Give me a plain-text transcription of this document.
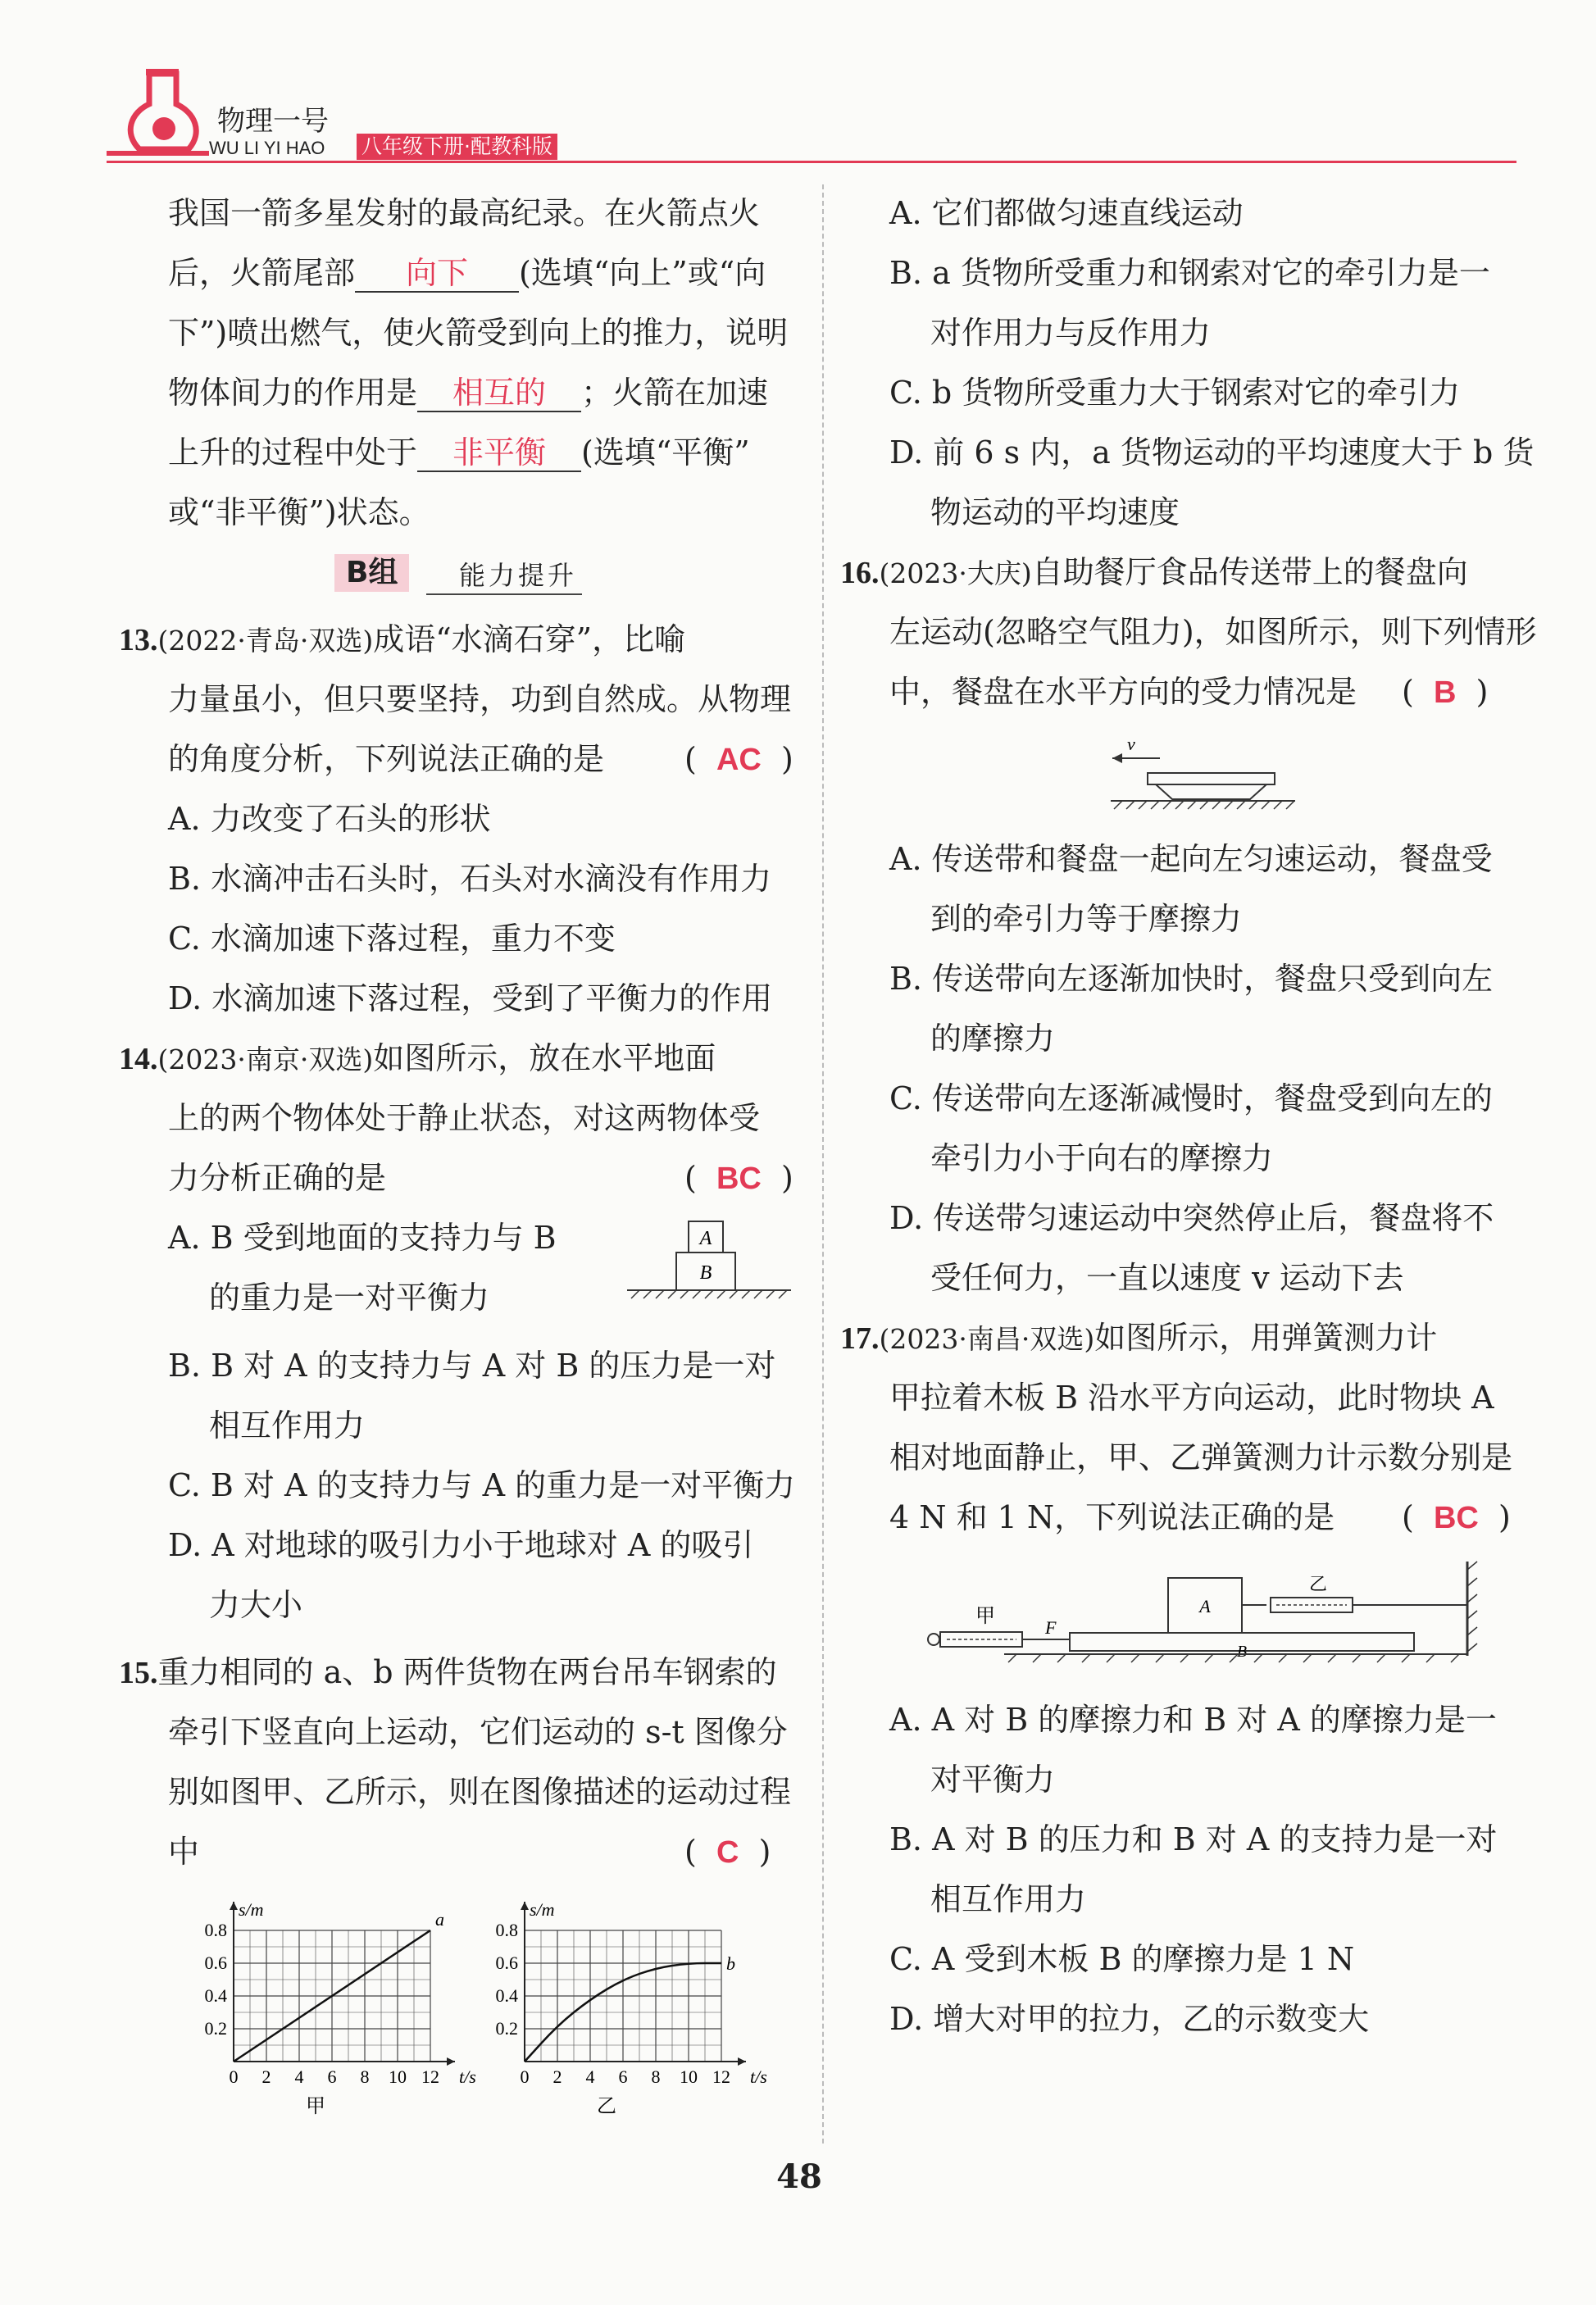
物理一号
WU LI YI HAO 八年级下册·配教科版
我国一箭多星发射的最高纪录。在火箭点火
后，火箭尾部 向下 (选填“向上”或“向
下”)喷出燃气，使火箭受到向上的推力，说明
物体间力的作用是 相互的 ；火箭在加速
上升的过程中处于 非平衡 (选填“平衡”
或“非平衡”)状态。
B组	能力提升
13.(2022·青岛·双选)成语“水滴石穿”，比喻
力量虽小，但只要坚持，功到自然成。从物理
的角度分析，下列说法正确的是	(  AC  )
A. 力改变了石头的形状
B. 水滴冲击石头时，石头对水滴没有作用力
C. 水滴加速下落过程，重力不变
D. 水滴加速下落过程，受到了平衡力的作用
14.(2023·南京·双选)如图所示，放在水平地面
上的两个物体处于静止状态，对这两物体受
力分析正确的是	(  BC  )
A. B 受到地面的支持力与 B
的重力是一对平衡力
A
B
B. B 对 A 的支持力与 A 对 B 的压力是一对
相互作用力
C. B 对 A 的支持力与 A 的重力是一对平衡力
D. A 对地球的吸引力小于地球对 A 的吸引
力大小
15.重力相同的 a、b 两件货物在两台吊车钢索的
牵引下竖直向上运动，它们运动的 s-t 图像分
别如图甲、乙所示，则在图像描述的运动过程
中	(  C  )
0 2 4 6 8 10 12
0.2
0.4
0.6
0.8
t/s
s/m
甲
a
0 2 4 6 8 10 12
0.2
0.4
0.6
0.8
t/s
s/m
乙
b
A. 它们都做匀速直线运动
B. a 货物所受重力和钢索对它的牵引力是一
对作用力与反作用力
C. b 货物所受重力大于钢索对它的牵引力
D. 前 6 s 内，a 货物运动的平均速度大于 b 货
物运动的平均速度
16.(2023·大庆)自助餐厅食品传送带上的餐盘向
左运动(忽略空气阻力)，如图所示，则下列情形
中，餐盘在水平方向的受力情况是 (  B  )
v
A. 传送带和餐盘一起向左匀速运动，餐盘受
到的牵引力等于摩擦力
B. 传送带向左逐渐加快时，餐盘只受到向左
的摩擦力
C. 传送带向左逐渐减慢时，餐盘受到向左的
牵引力小于向右的摩擦力
D. 传送带匀速运动中突然停止后，餐盘将不
受任何力，一直以速度 v 运动下去
17.(2023·南昌·双选)如图所示，用弹簧测力计
甲拉着木板 B 沿水平方向运动，此时物块 A
相对地面静止，甲、乙弹簧测力计示数分别是
4 N 和 1 N，下列说法正确的是 (  BC  )
甲
F
B
A
乙
A. A 对 B 的摩擦力和 B 对 A 的摩擦力是一
对平衡力
B. A 对 B 的压力和 B 对 A 的支持力是一对
相互作用力
C. A 受到木板 B 的摩擦力是 1 N
D. 增大对甲的拉力，乙的示数变大
48
